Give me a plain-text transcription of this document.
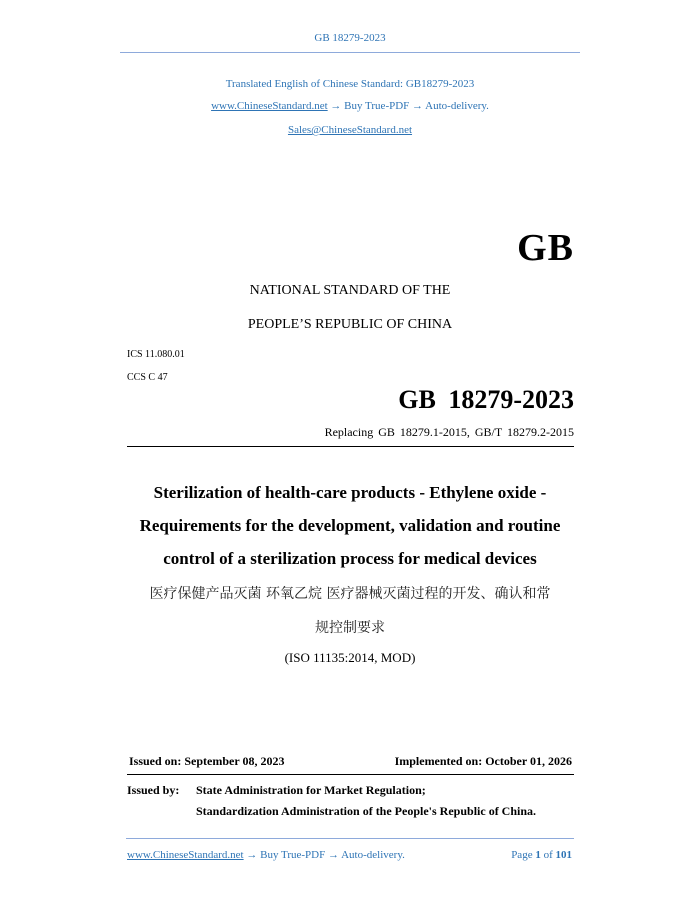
GB 18279-2023
Translated English of Chinese Standard: GB18279-2023
www.ChineseStandard.net → Buy True-PDF → Auto-delivery.
Sales@ChineseStandard.net
GB
NATIONAL STANDARD OF THE
PEOPLE’S REPUBLIC OF CHINA
ICS 11.080.01
CCS C 47
GB 18279-2023
Replacing GB 18279.1-2015, GB/T 18279.2-2015
Sterilization of health-care products - Ethylene oxide -
Requirements for the development, validation and routine
control of a sterilization process for medical devices
医疗保健产品灭菌 环氧乙烷 医疗器械灭菌过程的开发、确认和常
规控制要求
(ISO 11135:2014, MOD)
Issued on: September 08, 2023	Implemented on: October 01, 2026
Issued by: State Administration for Market Regulation;
Standardization Administration of the People's Republic of China.
www.ChineseStandard.net → Buy True-PDF → Auto-delivery.	Page 1 of 101
